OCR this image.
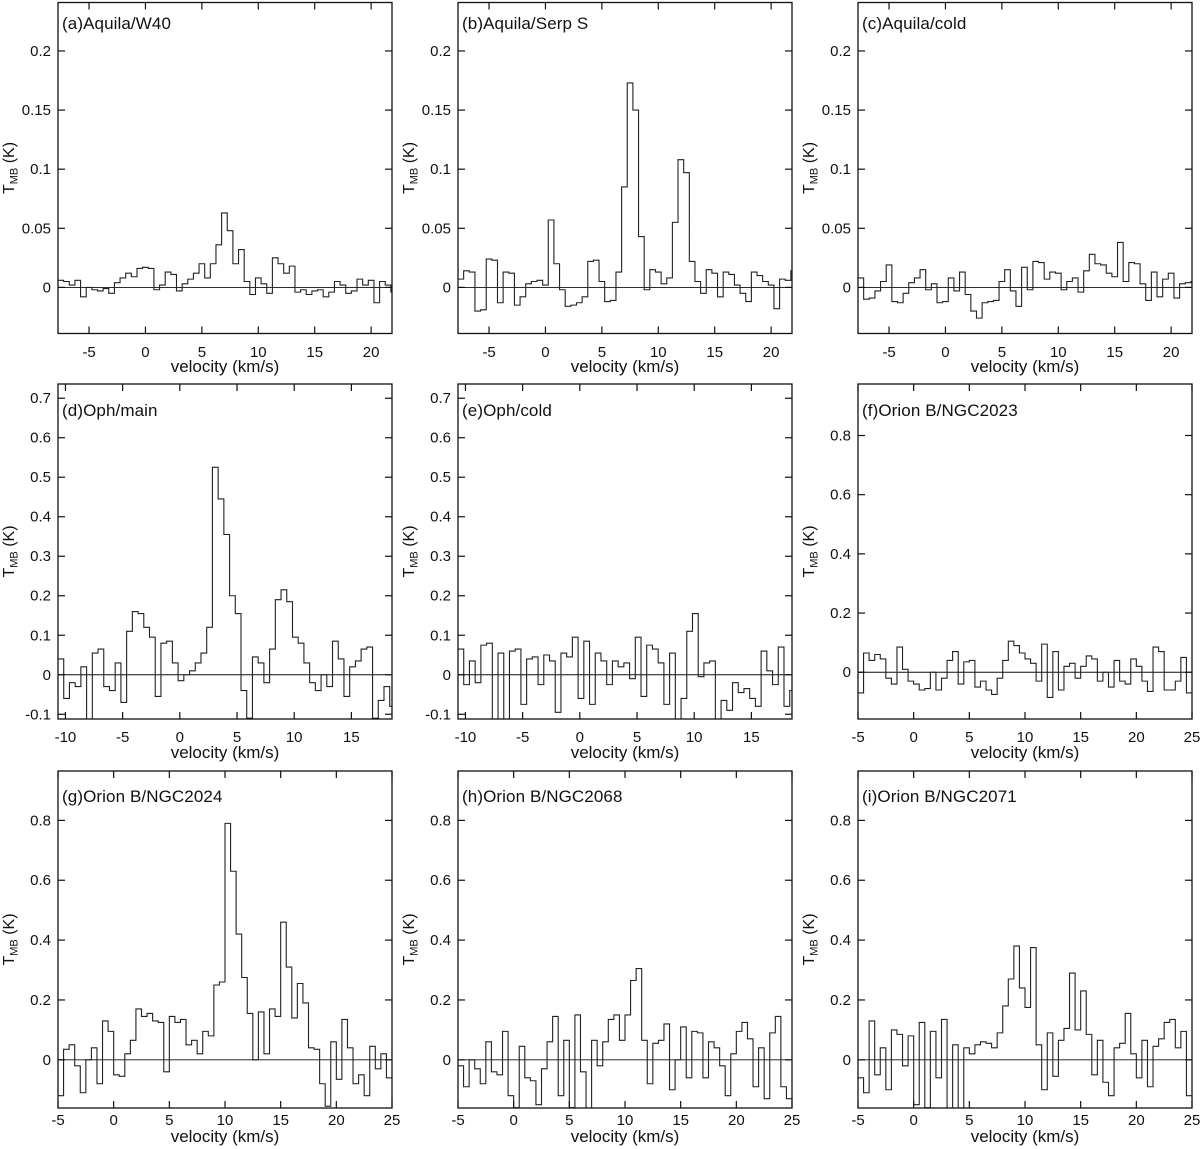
-5	0	5	10	15	20
0
0.05
0.1
0.15
0.2
velocity (km/s)
$T_{MB}$ (K)
(a)Aquila/W40
-5	0	5	10	15	20
0
0.05
0.1
0.15
0.2
velocity (km/s)
$T_{MB}$ (K)
(b)Aquila/Serp S
-5	0	5	10	15	20
0
0.05
0.1
0.15
0.2
velocity (km/s)
$T_{MB}$ (K)
(c)Aquila/cold
-10	-5	0	5	10	15
-0.1
0
0.1
0.2
0.3
0.4
0.5
0.6
0.7
velocity (km/s)
$T_{MB}$ (K)
(d)Oph/main
-10	-5	0	5	10	15
-0.1
0
0.1
0.2
0.3
0.4
0.5
0.6
0.7
velocity (km/s)
$T_{MB}$ (K)
(e)Oph/cold
-5	0	5	10	15	20	25
0
0.2
0.4
0.6
0.8
velocity (km/s)
$T_{MB}$ (K)
(f)Orion B/NGC2023
-5	0	5	10	15	20	25
0
0.2
0.4
0.6
0.8
velocity (km/s)
$T_{MB}$ (K)
(g)Orion B/NGC2024
-5	0	5	10	15	20	25
0
0.2
0.4
0.6
0.8
velocity (km/s)
$T_{MB}$ (K)
(h)Orion B/NGC2068
-5	0	5	10	15	20	25
0
0.2
0.4
0.6
0.8
velocity (km/s)
$T_{MB}$ (K)
(i)Orion B/NGC2071
